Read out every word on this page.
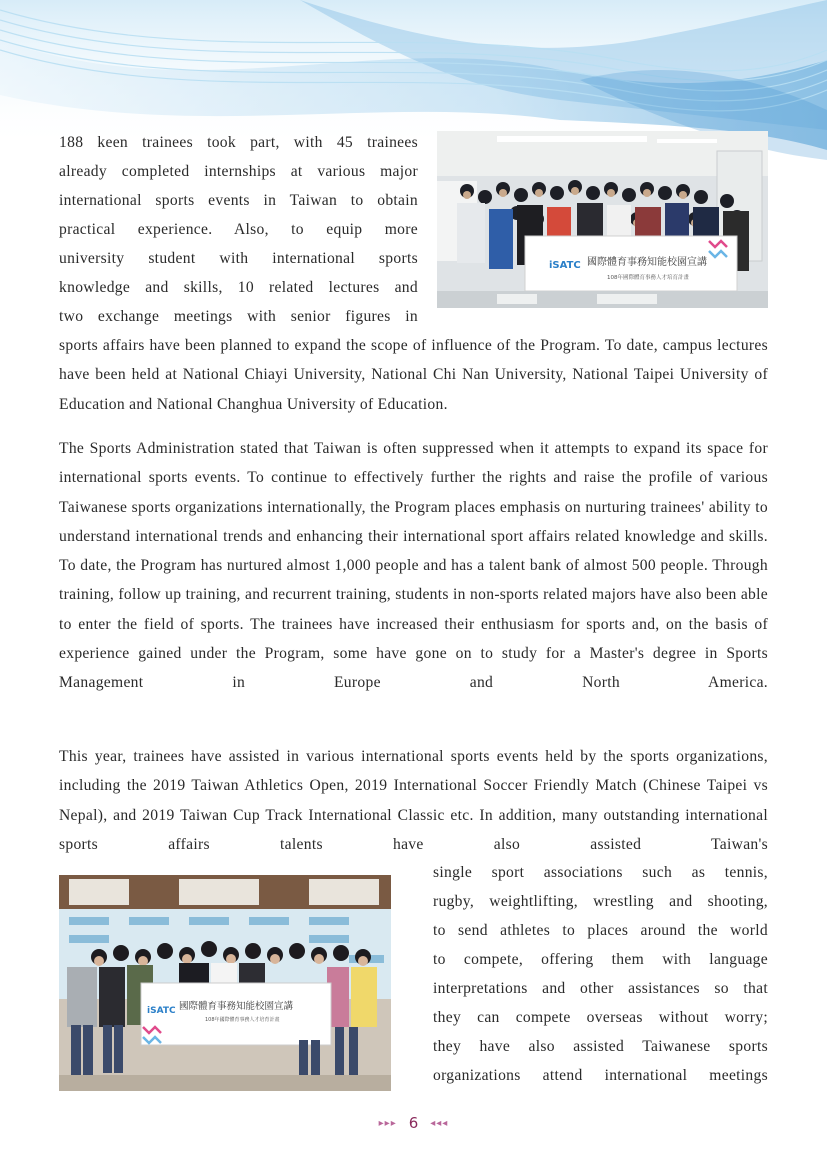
188 keen trainees took part, with 45 trainees

already completed internships at various major

international sports events in Taiwan to obtain

practical experience. Also, to equip more

university student with international sports

knowledge and skills, 10 related lectures and

two exchange meetings with senior figures in

sports affairs have been planned to expand the scope of influence of the Program. To date, campus lectures have been held at National Chiayi University, National Chi Nan University, National Taipei University of Education and National Changhua University of Education.

iSATC 國際體育事務知能校園宣講
108年國際體育事務人才培育計畫

The Sports Administration stated that Taiwan is often suppressed when it attempts to expand its space for international sports events. To continue to effectively further the rights and raise the profile of various Taiwanese sports organizations internationally, the Program places emphasis on nurturing trainees' ability to understand international trends and enhancing their international sport affairs related knowledge and skills. To date, the Program has nurtured almost 1,000 people and has a talent bank of almost 500 people. Through training, follow up training, and recurrent training, students in non-sports related majors have also been able to enter the field of sports. The trainees have increased their enthusiasm for sports and, on the basis of experience gained under the Program, some have gone on to study for a Master's degree in Sports Management in Europe and North America.

This year, trainees have assisted in various international sports events held by the sports organizations, including the 2019 Taiwan Athletics Open, 2019 International Soccer Friendly Match (Chinese Taipei vs Nepal), and 2019 Taiwan Cup Track International Classic etc. In addition, many outstanding international sports affairs talents have also assisted Taiwan's

iSATC 國際體育事務知能校園宣講
108年國際體育事務人才培育計畫

single sport associations such as tennis,

rugby, weightlifting, wrestling and shooting,

to send athletes to places around the world

to compete, offering them with language

interpretations and other assistances so that

they can compete overseas without worry;

they have also assisted Taiwanese sports

organizations attend international meetings

▸▸▸ 6 ◂◂◂
